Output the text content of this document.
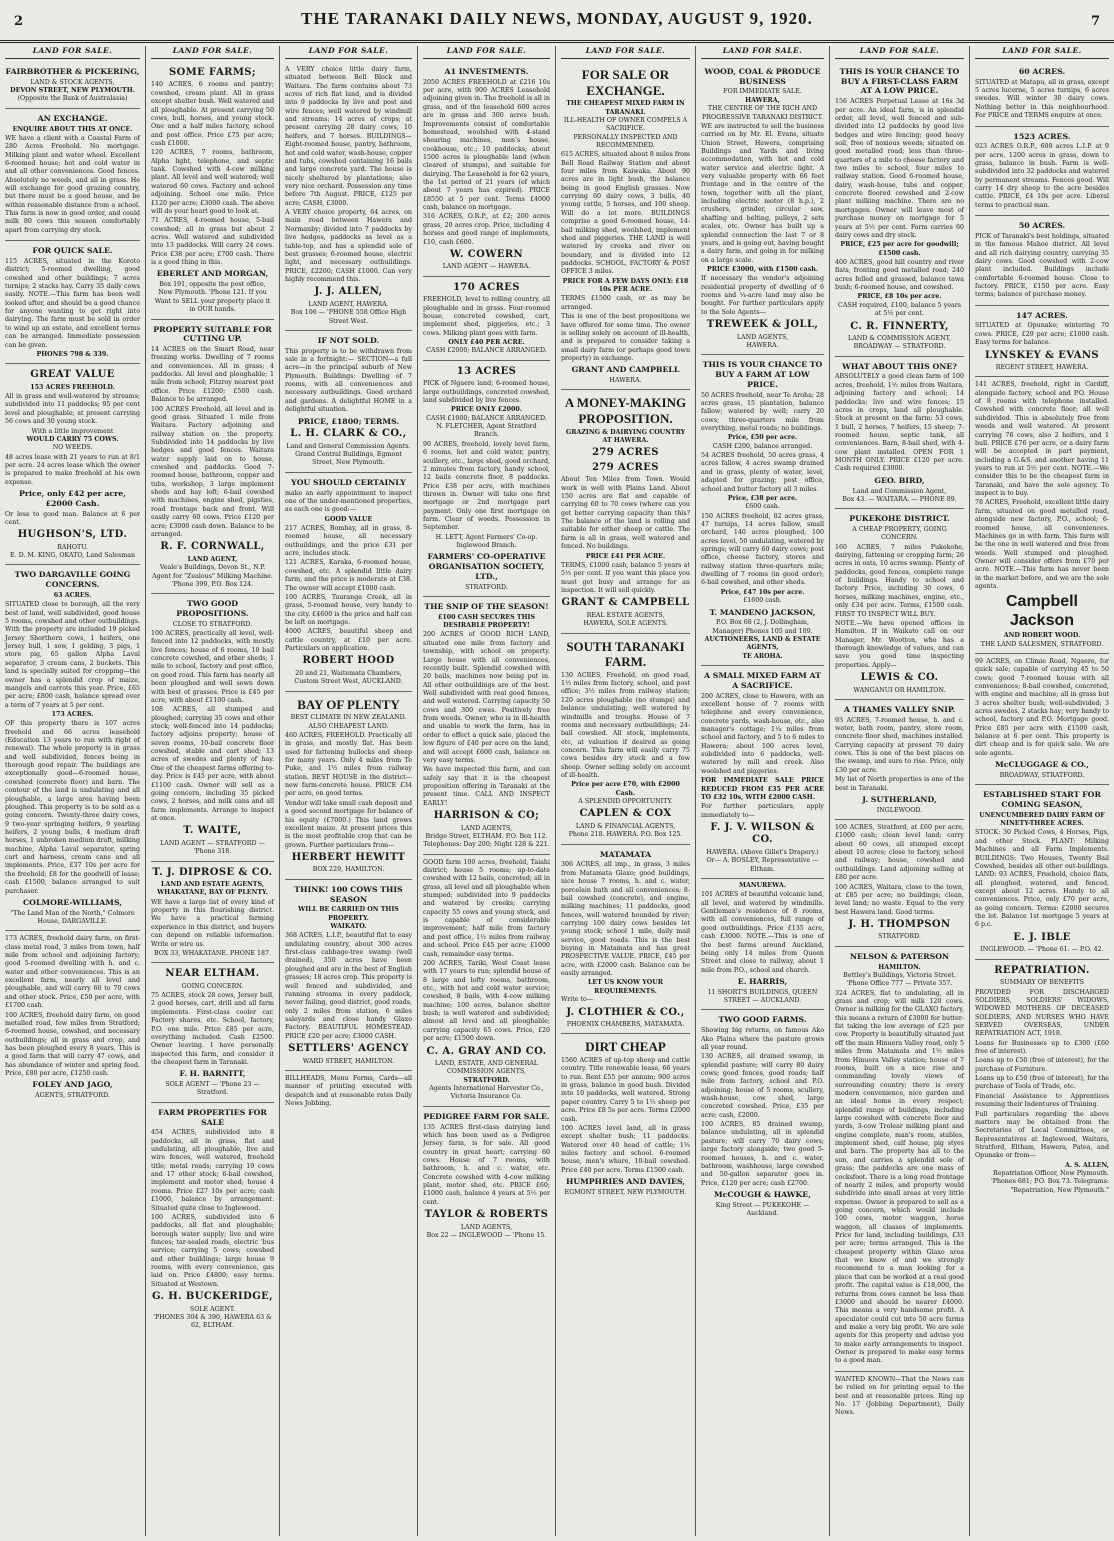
2	THE TARANAKI DAILY NEWS, MONDAY, AUGUST 9, 1920.	7
LAND FOR SALE.
FAIRBROTHER & PICKERING,
LAND & STOCK AGENTS,
DEVON STREET, NEW PLYMOUTH.
(Opposite the Bank of Australasia)
AN EXCHANGE.
ENQUIRE ABOUT THIS AT ONCE.

WE have a client with a Coastal Farm of 280 Acres Freehold. No mortgage. Milking plant and water wheel. Excellent 6-roomed house; hot and cold water in and all other conveniences. Good fences. Absolutely no weeds, and all in grass. He will exchange for good grazing country, but there must be a good house, and be within reasonable distance from a school. This farm is now in good order, and could milk 80 cows this season comfortably apart from carrying dry stock.

FOR QUICK SALE.

115 ACRES, situated in the Koroto district; 5-roomed dwelling, good cowshed and other buildings; 7 acres turnips; 2 stacks hay. Carry 35 daily cows easily. NOTE.—This farm has been well looked after, and should be a good chance for anyone wanting to get right into dairying. The farm must be sold in order to wind up an estate, and excellent terms can be arranged. Immediate possession can be given.

PHONES 798 & 339.
GREAT VALUE
153 ACRES FREEHOLD.

All in grass and well-watered by streams; subdivided into 11 paddocks; 95 per cent level and ploughable; at present carrying 56 cows and 30 young stock.

With a little improvement
WOULD CARRY 75 COWS.
NO WEEDS.

48 acres lease with 21 years to run at 8/1 per acre. 24 acres lease which the owner is prepared to make freehold at his own expense.

Price, only £42 per acre, £2000 Cash.

Or less to good man. Balance at 6 per cent.

HUGHSON'S, LTD.
RAHOTU.
E. D. M. KING, OKATO, Land Salesman
TWO DARGAVILLE GOING CONCERNS.
63 ACRES.

SITUATED close to borough, all the very best of land, well subdivided, good house 5 rooms, cowshed and other outbuildings. With the property are included 19 picked Jersey Shorthorn cows, 1 heifers, one Jersey bull, 1 sow, 1 gelding, 3 pigs, 1 store pig, 65 gallon Alpha Laval separator, 3 cream cans, 2 buckets. This land is specially suited for cropping—the owner has a splendid crop of maize, mangels and carrots this year. Price, £65 per acre; £800 cash, balance spread over a term of 7 years at 5 per cent.

173 ACRES.

OF this property there is 107 acres freehold and 66 acres leasehold (Education 13 years to run with right of renewal). The whole property is in grass and well subdivided, fences being in thorough good repair. The buildings are exceptionally good—6-roomed house, cowshed (concrete floor) and barn. The contour of the land is undulating and all ploughable, a large area having been ploughed. This property is to be sold as a going concern. Twenty-three dairy cows, 9 two-year springing heifers, 9 yearling heifers, 2 young bulls, 4 medium draft horses, 1 unbroken medium draft, milking machine, Alpha Laval separator, spring cart and harness, cream cans and all implements. Price, £37 10s per acre for the freehold; £8 for the goodwill of lease; cash £1500, balance arranged to suit purchaser.

COLMORE-WILLIAMS,
"The Land Man of the North," Colmore House, DARGAVILLE.

173 ACRES, freehold dairy farm, on first-class metal road, 3 miles from town, half mile from school and adjoining factory; good 5-roomed dwelling with h. and c. water and other conveniences. This is an excellent farm, nearly all level and ploughable, and will carry 60 to 70 cows and other stock. Price, £50 per acre, with £1700 cash.

100 ACRES, freehold dairy farm, on good metalled road, few miles from Stratford; 6-roomed house, cowshed, and necessary outbuildings; all in grass and crop, and has been ploughed every 8 years. This is a good farm that will carry 47 cows, and has abundance of winter and spring feed. Price, £80 per acre, £1250 cash.

FOLEY AND JAGO,
AGENTS, STRATFORD.
LAND FOR SALE.
SOME FARMS;

140 ACRES, 6 rooms and pantry; cowshed, cream plant. All in grass except shelter bush. Well watered and all ploughable. At present carrying 50 cows, bull, horses, and young stock. One and a half miles factory, school and post office. Price £75 per acre; cash £1000.

120 ACRES, 7 rooms, bathroom, Alpha light, telephone, and septic tank. Cowshed with 4-cow milking plant. All level and well watered; well watered 60 cows. Factory and school adjoining. School one mile. Price £120 per acre; £3000 cash. The above will do your heart good to look at.

71 ACRES, 4-roomed house, 5-bail cowshed; all in grass but about 2 acres. Well watered and subdivided into 13 paddocks. Will carry 24 cows. Price £38 per acre; £700 cash. There is a good thing in this.

EBERLET AND MORGAN,
Box 191, opposite the post office, New Plymouth. 'Phone 121. If you Want to SELL your property place it in OUR hands.
PROPERTY SUITABLE FOR CUTTING UP.

14 ACRES on the Smart Road, near freezing works. Dwelling of 7 rooms and conveniences. All in grass; 4 paddocks. All level and ploughable; 1 mile from school; Fitzroy nearest post office. Price £1200; £500 cash. Balance to be arranged.

100 ACRES Freehold, all level and in good grass. Situated 1 mile from Waitara. Factory adjoining and railway station on the property. Subdivided into 14 paddocks by live hedges and good fences. Waitara water supply laid on to house, cowshed and paddocks. Good 7-roomed house, bathroom, copper and tubs, workshop, 3 large implement sheds and hay loft; 6-bail cowshed with machines, engine shed, pigsties, road frontage back and front. Will easily carry 60 cows. Price £120 per acre; £3000 cash down. Balance to be arranged.

R. F. CORNWALL,
LAND AGENT,
Veale's Buildings, Devon St., N.P.
Agent for "Zealous" Milking Machine. 'Phone 399, P.O. Box 124.
TWO GOOD PROPOSITIONS.
CLOSE TO STRATFORD.

100 ACRES, practically all level, well-fenced into 12 paddocks, with mostly live fences; house of 6 rooms, 10 bail concrete cowshed, and other sheds; 1 mile to school, factory and post office, on good road. This farm has nearly all been ploughed and well sown down with best of grasses. Price is £45 per acre, with about £1100 cash.

108 ACRES, all stumped and ploughed; carrying 35 cows and other stock; well-fenced into 14 paddocks; factory adjoins property; house of seven rooms, 10-bail concrete floor cowshed, stable and cart shed; 13 acres of swedes and plenty of hay. One of the cheapest farms offering to-day. Price is £45 per acre, with about £1100 cash. Owner will sell as a going concern, including 35 picked cows, 2 horses, and milk cans and all farm implements. Arrange to inspect at once.

T. WAITE,
LAND AGENT — STRATFORD — 'Phone 318.
T. J. DIPROSE & CO.
LAND AND ESTATE AGENTS,
WHAKATANE, BAY OF PLENTY.

WE have a large list of every kind of property in this flourishing district. We have a practical farming experience in this district, and buyers can depend on reliable information. Write or wire us.

BOX 33, WHAKATANE. PHONE 187.
NEAR ELTHAM.
GOING CONCERN.

75 ACRES, stock 28 cows, Jersey bull, 2 good horses, cart, drill and all farm implements. First-class cooler car. Factory shares, etc. School, factory, P.O. one mile. Price £85 per acre, everything included. Cash £2500. Owner leaving. I have personally inspected this farm, and consider it the cheapest farm in Taranaki.

F. H. BARNITT,
SOLE AGENT — 'Phone 23 — Stratford.
FARM PROPERTIES FOR SALE

454 ACRES, subdivided into 8 paddocks, all in grass, flat and undulating, all ploughable, live and wire fences, well watered, freehold title; metal roads; carrying 19 cows and 17 other stock; 6-bail cowshed, implement and motor shed; house 4 rooms. Price £27 10s per acre; cash £1000, balance by arrangement. Situated quite close to Inglewood.

100 ACRES, subdivided into 6 paddocks, all flat and ploughable; borough water supply; live and wire fences; tar-sealed roads, electric 'bus service; carrying 5 cows; cowshed and other buildings; large house 9 rooms, with every convenience, gas laid on. Price £4800; easy terms. Situated at Westown.

G. H. BUCKERIDGE,
SOLE AGENT.
'PHONES 304 & 390, HAWERA 63 & 62, ELTHAM.
LAND FOR SALE.

A VERY choice little dairy farm, situated between Bell Block and Waitara. The farm contains about 73 acres of rich flat land, and is divided into 9 paddocks by live and post and wire fences; well watered by windmill and streams; 14 acres of crops; at present carrying 28 dairy cows, 10 heifers, and 7 horses. BUILDINGS— Eight-roomed house, pantry, bathroom, hot and cold water, wash-house, copper and tubs, cowshed containing 16 bails and large concrete yard. The house is nicely sheltered by plantations; also very nice orchard. Possession any time before 7th August. PRICE, £125 per acre; CASH, £3000.

A VERY choice property, 64 acres, on main road between Hawera and Normanby; divided into 7 paddocks by live hedges, paddocks as level as a table-top, and has a splendid sole of best grasses; 6-roomed house, electric light, and necessary outbuildings. PRICE, £2200; CASH £1000. Can very highly recommend this.

J. J. ALLEN,
LAND AGENT, HAWERA.
Box 106 — 'PHONE 558 Office High Street West.
IF NOT SOLD.

This property is to be withdrawn from sale in a fortnight:— SECTION—a full acre—in the principal suburb of New Plymouth. Buildings: Dwelling of 7 rooms, with all conveniences and necessary outbuildings. Good orchard and gardens. A delightful HOME in a delightful situation.

PRICE, £1800; TERMS.
L. H. CLARK & CO.,
Land and General Commission Agents.
Grand Central Buildings, Egmont Street, New Plymouth.
YOU SHOULD CERTAINLY

make an early appointment to inspect one of the under-mentioned properties, as each one is good:—

GOOD VALUE

217 ACRES, Bombay, all in grass, 8-roomed house, all necessary outbuildings, and the price £31 per acre, includes stock.

121 ACRES, Karaka, 6-roomed house, cowshed, etc. A splendid little dairy farm, and the price is moderate at £38. The owner will accept £1000 cash.

100 ACRES, Tauranga Creek, all in grass, 5-roomed house, very handy to the city. £4600 is the price and half can be left on mortgage.

4000 ACRES, beautiful sheep and cattle country, at £10 per acre. Particulars on application.

ROBERT HOOD
20 and 21, Waitemata Chambers, Custom Street West, AUCKLAND.
BAY OF PLENTY
BEST CLIMATE IN NEW ZEALAND. ALSO CHEAPEST LAND.

460 ACRES, FREEHOLD. Practically all in grass, and mostly flat. Has been used for fattening bullocks and sheep for many years. Only 4 miles from Te Puke, and 1½ miles from railway station. BEST HOUSE in the district—new farm-concrete house. PRICE £34 per acre, on good terms.

Vendor will take small cash deposit and a good second mortgage for balance of his equity (£7000.) This land grows excellent maize. At present prices this is the most profitable crop that can be grown. Further particulars from—

HERBERT HEWITT
BOX 229, HAMILTON.
THINK! 100 COWS THIS SEASON
WILL BE CARRIED ON THIS PROPERTY.
WAIKATO.

368 ACRES, L.I.P., beautiful flat to easy undulating country, about 300 acres first-class cabbage-tree swamp (well drained), 350 acres have been ploughed and are in the best of English grasses; 18 acres crop. This property is well fenced and subdivided, and running streams in every paddock, never failing, good district, good roads, only 2 miles from station, 6 miles saleyards and close handy Glaxo Factory. BEAUTIFUL HOMESTEAD. PRICE £20 per acre; £3000 CASH.

SETTLERS' AGENCY
WARD STREET, HAMILTON.

BILLHEADS, Menu Forms, Cards—all manner of printing executed with despatch and at reasonable rates Daily News Jobbing.

LAND FOR SALE.
A1 INVESTMENTS.

2050 ACRES FREEHOLD at £216 10s per acre, with 900 ACRES Leasehold adjoining given in. The freehold is all in grass, and of the leasehold 600 acres are in grass and 300 acres bush. Improvements consist of comfortable homestead, woolshed with 4-stand shearing machines, men's house, cookhouse, etc.; 10 paddocks; about 1500 acres is ploughable land (when cleared of stumps), and suitable for dairying. The Leasehold is for 62 years, the 1st period of 21 years (of which about 7 years has expired). PRICE £8550 at 5 per cent. Terms £4000 cash, balance on mortgage.

316 ACRES, O.R.P., at £2; 200 acres grass, 20 acres crop. Price, including 4 horses and good range of implements, £10, cash £600.

W. COWERN
LAND AGENT — HAWERA.
170 ACRES

FREEHOLD, level to rolling country, all ploughable and in grass. Four-roomed house, concreted cowshed, cart, implement shed, piggeries, etc.; 3 cows. Milking plant goes with farm.

ONLY £40 PER ACRE.
CASH £2000; BALANCE ARRANGED.
13 ACRES

PICK of Ngaere land; 6-roomed house, large outbuildings, concreted cowshed, land subdivided by live fences.

PRICE ONLY £2000.
CASH £1000; BALANCE ARRANGED.
N. FLETCHER, Agent Stratford Branch.

90 ACRES, freehold, lovely level farm, 6 rooms, hot and cold water, pantry, scullery, etc., large shed, good orchard, 2 minutes from factory, handy school, 12 bails concrete floor, 8 paddocks. Price £38 per acre, with machines thrown in. Owner will take one first mortgage or 2nd mortgage part payment. Only one first mortgage on farm. Clear of weeds. Possession in September.

H. LETT, Agent Farmers' Co-op. Inglewood Branch.
FARMERS' CO-OPERATIVE ORGANISATION SOCIETY, LTD.,
STRATFORD.
THE SNIP OF THE SEASON!
£100 CASH SECURES THIS DESIRABLE PROPERTY!

200 ACRES of GOOD RICH LAND, situated one mile from factory and township, with school on property. Large house with all conveniences, recently built. Splendid cowshed with 20 bails, machines now being put in. All other outbuildings are of the best. Well subdivided with real good fences, and well watered. Carrying capacity 50 cows and 300 ewes. Positively free from weeds. Owner, who is in ill-health and unable to work the farm, has in order to effect a quick sale, placed the low figure of £40 per acre on the land, and will accept £600 cash, balance on very easy terms.

We have inspected this farm, and can safely say that it is the cheapest proposition offering in Taranaki at the present time. CALL AND INSPECT EARLY!

HARRISON & CO;
LAND AGENTS,
Bridge Street, ELTHAM. P.O. Box 112. Telephones: Day 200; Night 128 & 221.

GOOD farm 100 acres, freehold, Taiahi district; house 5 rooms; up-to-date cowshed with 12 bails, concreted; all in grass, all level and all ploughable when stumped; subdivided into 9 paddocks and watered by creeks; carrying capacity 55 cows and young stock, and is capable of considerable improvement; half mile from factory and post office, 1½ miles from railway and school. Price £45 per acre; £1000 cash, remainder easy terms.

200 ACRES, Tariki, West Coast lease with 17 years to run; splendid house of 8 large and lofty rooms, bathroom, etc., with hot and cold water service; cowshed, 8 bails, with 4-cow milking machine; 100 acres, balance shelter bush; is well watered and subdivided; almost all level and all ploughable; carrying capacity 65 cows. Price, £20 per acre; £1500 down.

C. A. GRAY AND CO.
LAND, ESTATE, AND GENERAL COMMISSION AGENTS,
STRATFORD.
Agents International Harvester Co., Victoria Insurance Co.
PEDIGREE FARM FOR SALE.

135 ACRES first-class dairying land which has been used as a Pedigree Jersey farm, is for sale. All good country in great heart; carrying 60 cows. House of 7 rooms, with bathroom, h. and c. water, etc. Concrete cowshed with 4-cow milking plant, motor shed, etc. PRICE £60; £1000 cash, balance 4 years at 5½ per cent.

TAYLOR & ROBERTS
LAND AGENTS,
Box 22 — INGLEWOOD — 'Phone 15.
LAND FOR SALE.
FOR SALE OR EXCHANGE.
THE CHEAPEST MIXED FARM IN TARANAKI.
ILL-HEALTH OF OWNER COMPELS A SACRIFICE.
PERSONALLY INSPECTED AND RECOMMENDED.

615 ACRES, situated about 8 miles from Bell Road Railway Station and about four miles from Kaiwaka. About 90 acres are in light bush, the balance being in good English grasses. Now carrying 60 dairy cows, 3 bulls, 40 young cattle, 5 horses, and 100 sheep. Will do a lot more. BUILDINGS comprise a good 6-roomed house, 14-bail milking shed, woolshed, implement shed and piggeries. THE LAND is well watered by creeks and river on boundary, and is divided into 12 paddocks. SCHOOL, FACTORY & POST OFFICE 3 miles.

PRICE FOR A FEW DAYS ONLY: £18 10s PER ACRE.

TERMS £1500 cash, or as may be arranged.

This is one of the best propositions we have offered for some time. The owner is selling solely on account of ill-health, and is prepared to consider taking a small dairy farm (or perhaps good town property) in exchange.

GRANT AND CAMPBELL
HAWERA.
A MONEY-MAKING PROPOSITION.
GRAZING & DAIRYING COUNTRY AT HAWERA.
279 ACRES
279 ACRES

About Ten Miles from Town. Would work in well with Plains Land. About 150 acres are flat and capable of carrying 60 to 70 cows (where can you get better carrying capacity than this? The balance of the land is rolling and suitable for either sheep or cattle. The farm is all in grass, well watered and fenced. No buildings.

PRICE £41 PER ACRE.

TERMS, £1000 cash, balance 5 years at 5½ per cent. If you want this place you must get busy and arrange for an inspection. It will sell quickly.

GRANT & CAMPBELL
REAL ESTATE AGENTS,
HAWERA, SOLE AGENTS.
SOUTH TARANAKI FARM.

130 ACRES, Freehold, on good road, 1½ miles from factory, school, and post office; 3½ miles from railway station; 120 acres ploughable (no stumps) and balance undulating; well watered by windmills and troughs. House of 7 rooms and necessary outbuildings; 24-bail cowshed. All stock, implements, etc, at valuation if desired as going concern. This farm will easily carry 75 cows besides dry stock and a few sheep. Owner selling solely on account of ill-health.

Price per acre £70, with £2000 Cash.
A SPLENDID OPPORTUNITY.
CAPLEN & COX
LAND & FINANCIAL AGENTS,
Phone 218. HAWERA. P.O. Box 125.
MATAMATA

306 ACRES, all imp., in grass, 3 miles from Matamata Glaxo; good buildings, nice house 7 rooms, h. and c. water, porcelain bath and all conveniences; 8-bail cowshed (concrete), and engine, milking machines; 11 paddocks, good fences, well watered bounded by river; carrying 100 dairy cows besides lot young stock; school 1 mile, daily mail service, good roads. This is the best buying in Matamata and has great PROSPECTIVE VALUE. PRICE, £45 per acre, with £2000 cash. Balance can be easily arranged.

LET US KNOW YOUR REQUIREMENTS.
Write to—
J. CLOTHIER & CO.,
PHOENIX CHAMBERS, MATAMATA.
DIRT CHEAP

1560 ACRES of up-top sheep and cattle country. Title renewable lease, 66 years to run. Rent £55 per annum; 900 acres in grass, balance in good bush. Divided into 10 paddocks, well watered. Strong paper country. Carry 5 to 1½ sheep per acre. Price £8 5s per acre. Terms £2000 cash.

100 ACRES level land, all in grass except shelter bush; 11 paddocks. Watered over 40 head of cattle; 1½ miles factory and school. 6-roomed house, men's whare, 10-bail cowshed. Price £40 per acre. Terms £1500 cash.

HUMPHRIES AND DAVIES,
EGMONT STREET, NEW PLYMOUTH.
LAND FOR SALE.
WOOD, COAL & PRODUCE BUSINESS
FOR IMMEDIATE SALE.
HAWERA,
THE CENTRE OF THE RICH AND PROGRESSIVE TARANAKI DISTRICT.

WE are instructed to sell the business carried on by Mr. El. Evans, situate Union Street, Hawera, comprising Buildings and Yards and living accommodation, with hot and cold water service and electric light. A very valuable property with 66 feet frontage and in the centre of the town, together with all the plant, including electric motor (8 h.p.), 2 crushers, grinder, circular saw, shafting and belting, pulleys, 2 sets scales, etc. Owner has built up a splendid connection the last 7 or 8 years, and is going out, having bought a dairy farm, and going in for milking on a large scale.

PRICE £3000, with £1500 cash.

If necessary the vendor's adjoining residential property of dwelling of 6 rooms and ¼-acre land may also be bought. For further particulars apply to the Sole Agents—

TREWEEK & JOLL,
LAND AGENTS,
HAWERA.
THIS IS YOUR CHANCE TO BUY A FARM AT LOW PRICE.

50 ACRES freehold, near Te Aroha; 28 acres grass, 15 plantation, balance fallow; watered by well; carry 20 cows; three-quarters mile from everything, metal roads; no buildings.

Price, £50 per acre.
CASH £200, balance arranged.

54 ACRES freehold, 50 acres grass, 4 acres fallow, 4 acres swamp drained and in grass, plenty of water, level, adapted for grazing; post office, school and butter factory all 3 miles.

Price, £38 per acre.
£600 cash.

150 ACRES freehold, 82 acres grass, 47 turnips, 14 acres fallow, small orchard, 140 acres ploughed, 100 acres level, 50 undulating, watered by springs; will carry 60 dairy cows; post office, cheese factory, stores and railway station three-quarters mile; dwelling of 7 rooms (in good order); 6-bail cowshed, and other sheds.

Price, £47 10s per acre.
£1600 cash.
T. MANDENO JACKSON,
P.O. Box 68 (2, J. Dollingham, Manager) Phones 105 and 109.
AUCTIONEERS, LAND & ESTATE AGENTS,
TE AROHA.
A SMALL MIXED FARM AT A SACRIFICE.

200 ACRES, close to Hawera, with an excellent house of 7 rooms with telephone and every convenience, concrete yards, wash-house, etc., also manager's cottage; 1¼ miles from school and factory, and 5 to 6 miles to Hawera; about 100 acres level, subdivided into 6 paddocks, well-watered by mill and creek. Also woolshed and piggeries.

FOR IMMEDIATE SALE PRICE REDUCED FROM £35 PER ACRE TO £32 10s, WITH £2000 CASH.

For further particulars, apply immediately to—

F. J. V. WILSON & CO.
HAWERA. (Above Gillet's Drapery.)
Or— A. BOSLEY, Representative — Eltham.
MANUREWA.

101 ACRES of beautiful volcanic land, all level, and watered by windmills. Gentleman's residence of 8 rooms, with all conveniences, full range of good outbuildings. Price £135 acre, cash £3000. NOTE.—This is one of the best farms around Auckland, being only 14 miles from Queen Street and close to railway, about 1 mile from P.O., school and church.

E. HARRIS,
11 SHORT'S BUILDINGS, QUEEN STREET — AUCKLAND.
TWO GOOD FARMS.

Showing big returns, on famous Ako Ako Plains where the pasture grows all year round.

130 ACRES, all drained swamp, in splendid pasture; will carry 80 dairy cows; good fences, good roads; half mile from factory, school and P.O. adjoining; house of 5 rooms, scullery, wash-house, cow shed, large concreted cowshed. Price, £35 per acre; cash, £2000.

100 ACRES, 85 drained swamp, balance undulating, all in splendid pasture; will carry 70 dairy cows; large factory alongside; two good 5-roomed houses, h. and c. water, bathroom, washhouse, large cowshed and 50-gallon separator goes in. Price, £120 per acre; cash £2700.

McCOUGH & HAWKE,
King Street — PUKEKOHE — Auckland.
LAND FOR SALE.
THIS IS YOUR CHANCE TO BUY A FIRST-CLASS FARM AT A LOW PRICE.

156 ACRES Perpetual Lease at 16s 3d per acre. An ideal farm, is in splendid order, all level, well fenced and sub-divided into 12 paddocks by good live hedges and wire fencing; good heavy soil, free of noxious weeds; situated on good metalled road; less than three-quarters of a mile to cheese factory and two miles to school, four miles to railway station. Good 6-roomed house, dairy, wash-house, tubs and copper, concrete floored cowshed and 2-cow plant milking machine. There are no mortgages. Owner will leave most of purchase money on mortgage for 5 years at 5½ per cent. Farm carries 60 dairy cows and dry stock.

PRICE, £25 per acre for goodwill; £1500 cash.

400 ACRES, good hill country and river flats, fronting good metalled road; 240 acres felled and grassed, balance tawa bush; 6-roomed house, and cowshed.

PRICE, £8 10s per acre.
CASH required, £100, balance 5 years at 5½ per cent.
C. R. FINNERTY,
LAND & COMMISSION AGENT,
BROADWAY — STRATFORD.
WHAT ABOUT THIS ONE?

ABSOLUTELY a good clean farm of 100 acres, freehold, 1½ miles from Waitara, adjoining factory and school; 14 paddocks; live and wire fences; 15 acres in crops, land all ploughable. Stock at present on the farm: 53 cows, 1 bull, 2 horses, 7 heifers, 15 sheep; 7-roomed house, septic tank, all conveniences. Barn, 8-bail shed, with 4-cow plant installed. OPEN FOR 1 MONTH ONLY. PRICE £120 per acre. Cash required £3000.

GEO. BIRD,
Land and Commission Agent,
Box 43. — WAITARA. — PHONE 89.
PUKEKOHE DISTRICT.
A CHEAP PROPERTY, GOING CONCERN.

160 ACRES, 7 miles Pukekohe, dairying, fattening or cropping farm; 26 acres in oats, 10 acres swamp. Plenty of paddocks, good fences, complete range of buildings. Handy to school and factory. Price, including 30 cows, 6 horses, milking machines, engine, etc., only £34 per acre. Terms, £1500 cash. FIRST TO INSPECT WILL BUY.

NOTE.—We have opened offices in Hamilton. If in Waikato call on our Manager, Mr. Wootton, who has a thorough knowledge of values, and can save you good time inspecting properties. Apply—

LEWIS & CO.
WANGANUI OR HAMILTON.
A THAMES VALLEY SNIP.

93 ACRES, 7-roomed house, h. and c. water, bath room, pantry, store room, concrete floor shed, machines installed. Carrying capacity at present 70 dairy cows. This is one of the best places on the swamp, and sure to rise. Price, only £30 per acre.

My list of North properties is one of the best in Taranaki.

J. SUTHERLAND,
INGLEWOOD.

100 ACRES, Stratford, at £60 per acre, £1000 cash; clean level land; carry about 60 cows, all stumped except about 10 acres; close to factory, school and railway; house, cowshed and outbuildings. Land adjoining selling at £80 per acre.

100 ACRES, Waitara, close to the town, at £85 per acre; no buildings; clean, level land; no waste. Equal to the very best Hawera land. Good terms.

J. H. THOMPSON
STRATFORD.
NELSON & PATERSON
HAMILTON.
Bettley's Buildings, Victoria Street. 'Phone Office 777 — Private 357.

324 ACRES, flat to undulating, all in grass and crop; will milk 120 cows. Owner is milking for the GLAXO factory, this means a return of £3000 for butter-fat taking the low average of £25 per cow. Property is beautifully situated just off the main Hinuera Valley road, only 5 miles from Matamata and 1½ miles from Hinuera Valley station; house of 7 rooms, built on a nice rise and commanding lovely views of surrounding country; there is every modern convenience, nice garden and an ideal home in every respect; splendid range of buildings, including large cowshed with concrete floor and yards, 3-cow Trolear milking plant and engine complete, man's room, stables, implement shed, calf house, pig styes and barn. The property has all to the sun, and carries a splendid sole of grass; the paddocks are one mass of cocksfoot. There is a long road frontage of nearly 2 miles, and property would subdivide into small areas at very little expense. Owner is prepared to sell as a going concern, which would include 100 cows, motor waggon, horse waggon, all classes of implements. Price for land, including buildings, £33 per acre; terms arranged. This is the cheapest property within Glaxo area that we know of and we strongly recommend to a man looking for a place that can be worked at a real good profit. The capital value is £18,000, the returns from cows cannot be less than £3000 and should be nearer £4000. This means a very handsome profit. A speculator could cut into 50 acre farms and make a very big profit. We are sole agents for this property and advise you to make early arrangements to inspect. Owner is prepared to make easy terms to a good man.

WANTED KNOWN—That the News can be relied on for printing equal to the best and at reasonable prices. Ring up No. 17 (Jobbing Department), Daily News.

LAND FOR SALE.
60 ACRES.

SITUATED at Matapu, all in grass, except 5 acres lucerne, 5 acres turnips, 6 acres swedes. Will winter 30 dairy cows. Nothing better in this neighbourhood. For PRICE and TERMS enquire at once.

1523 ACRES.

923 ACRES O.R.P., 600 acres L.I.P. at 9 per acre. 1200 acres in grass, down to grass, balance in bush. Farm is well-subdivided into 32 paddocks and watered by permanent streams. Fences good. Will carry 14 dry sheep to the acre besides cattle. PRICE, £4 10s per acre. Liberal terms to practical man.

50 ACRES.

PICK of Taranaki's best holdings, situated in the famous Mahoe district. All level and all rich dairying country, carrying 35 dairy cows. Good cowshed with 2-cow plant included. Buildings include comfortable 6-roomed house. Close to factory. PRICE, £150 per acre. Easy terms; balance of purchase money.

147 ACRES.

SITUATED at Opunake; wintering 70 cows. PRICE, £29 per acre; £1000 cash. Easy terms for balance.

LYNSKEY & EVANS
REGENT STREET, HAWERA.

141 ACRES, freehold, right in Cardiff, alongside factory, school and P.O. House of 8 rooms with telephone installed. Cowshed with concrete floor; all well subdivided. This is absolutely free from weeds and well watered. At present carrying 76 cows, also 2 heifers, and 1 bull. PRICE £76 per acre, or a dairy farm will be accepted in part payment, including a G.&S. and another having 11 years to run at 5½ per cent. NOTE.—We consider this to be the cheapest farm in Taranaki, and have the sole agency. To inspect is to buy.

78 ACRES, Freehold, excellent little dairy farm, situated on good metalled road, alongside new factory, P.O., school; 6-roomed house, all conveniences. Machines go in with farm. This farm will be the one in well watered and free from weeds. Well stumped and ploughed. Owner will consider offers from £70 per acre. NOTE.—This farm has never been in the market before, and we are the sole agents.

Campbell Jackson
AND ROBERT WOOD.
THE LAND SALESMEN, STRATFORD.

99 ACRES, on Climie Road, Ngaere, for quick sale; capable of carrying 45 to 50 cows; good 7-roomed house with all conveniences; 8-bail cowshed, concreted, with engine and machine; all in grass but 3 acres shelter bush; well-subdivided; 3 acres swedes, 2 stacks hay; very handy to school, factory and P.O. Mortgage good. Price £85 per acre with £1500 cash, balance at 6 per cent. This property is dirt cheap and is for quick sale. We are sole agents.

McCLUGGAGE & CO.,
BROADWAY, STRATFORD.
ESTABLISHED START FOR COMING SEASON,
UNENCUMBERED DAIRY FARM OF NINETY-THREE ACRES.

STOCK: 30 Picked Cows, 4 Horses, Pigs, and other Stock. PLANT: Milking Machines and all Farm Implements. BUILDINGS: Two Houses, Twenty Bail Cowshed, besides all other out-buildings. LAND: 93 ACRES, Freehold, choice flats, all ploughed, watered, and fenced, except about 12 acres. Handy to all conveniences. Price, only £70 per acre, as going concern. Terms: £2000 secures the lot. Balance 1st mortgage 5 years at 6 p.c.

E. J. IBLE
INGLEWOOD. — 'Phone 61. — P.O. 42.
REPATRIATION.
SUMMARY OF BENEFITS

PROVIDED FOR DISCHARGED SOLDIERS, SOLDIERS' WIDOWS, WIDOWED MOTHERS OF DECEASED SOLDIERS, AND NURSES WHO HAVE SERVED OVERSEAS, UNDER REPATRIATION ACT, 1918.

Loans for Businesses up to £300 (£60 free of interest).

Loans up to £50 (free of interest), for the purchase of Furniture.

Loans up to £50 (free of interest), for the purchase of Tools of Trade, etc.

Financial Assistance to Apprentices resuming their Indentures of Training.

Full particulars regarding the above matters may be obtained from the Secretaries of Local Committees, or Representatives at Inglewood, Waitara, Stratford, Eltham, Hawera, Patea, and Opunake or from—

A. S. ALLEN,
Repatriation Officer, New Plymouth. 'Phones 681; P.O. Box 73. Telegrams: "Repatriation, New Plymouth."
